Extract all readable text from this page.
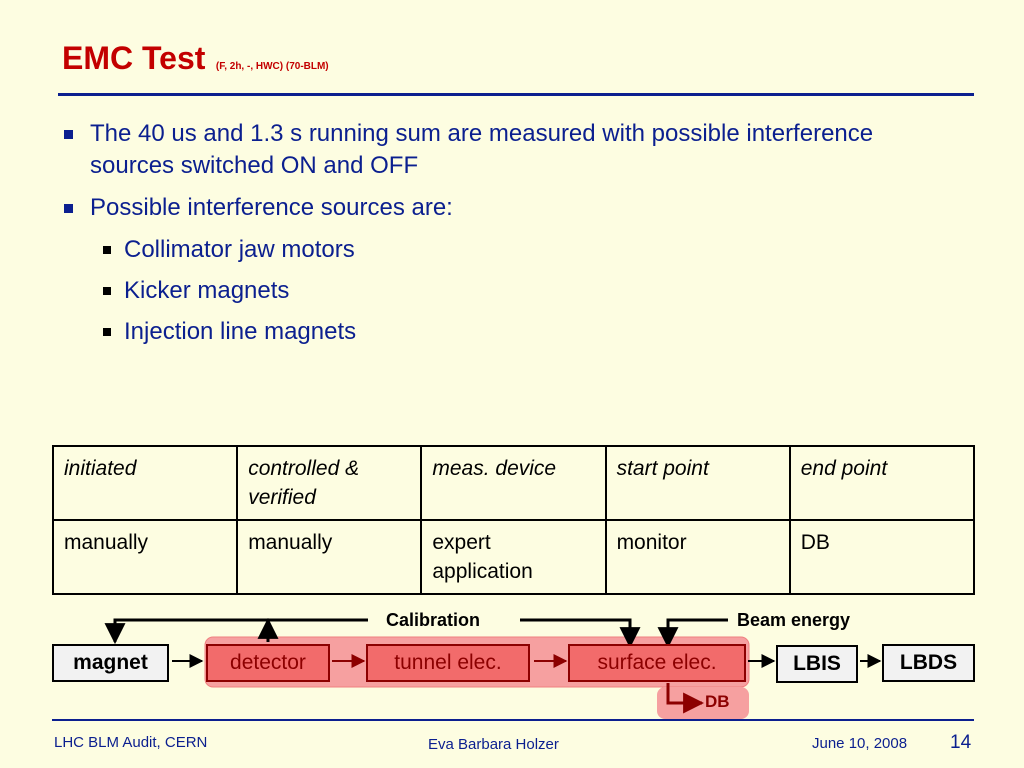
EMC Test (F, 2h, -, HWC) (70-BLM)
The 40 us and 1.3 s running sum are measured with possible interference sources switched ON and OFF
Possible interference sources are:
Collimator jaw motors
Kicker magnets
Injection line magnets
initiated	controlled & verified	meas. device	start point	end point
manually	manually	expert application	monitor	DB
Calibration	Beam energy
magnet	detector	tunnel elec.	surface elec.	LBIS	LBDS
DB
LHC BLM Audit, CERN	Eva Barbara Holzer	June 10, 2008 14
